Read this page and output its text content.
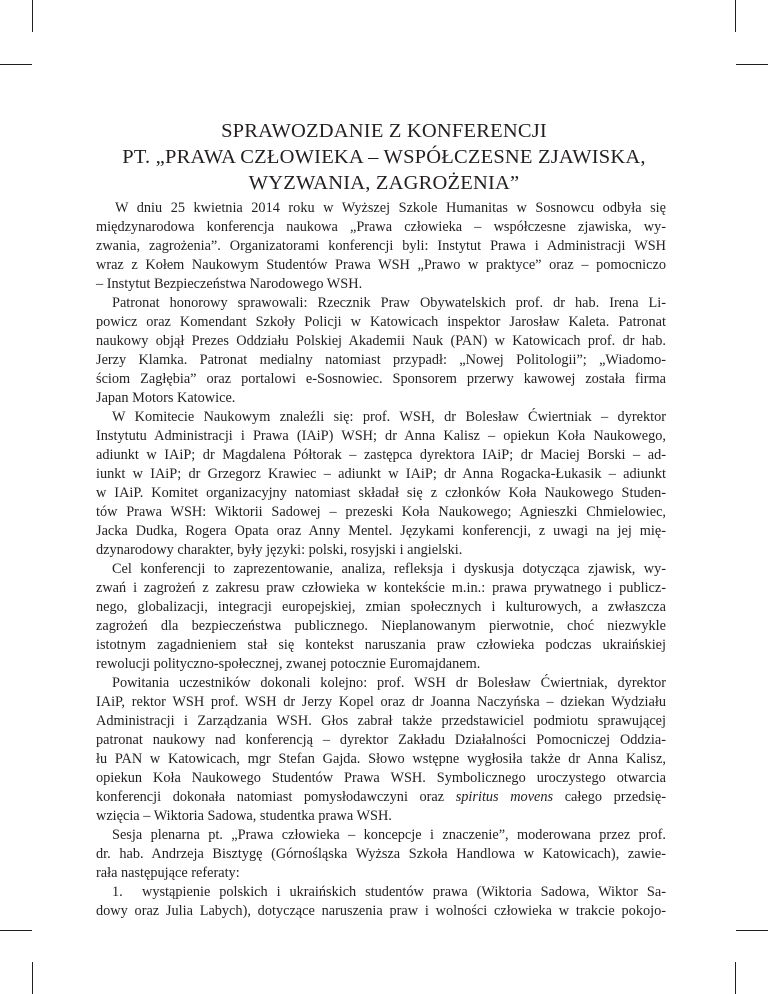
SPRAWOZDANIE Z KONFERENCJI
PT. „PRAWA CZŁOWIEKA – WSPÓŁCZESNE ZJAWISKA,
WYZWANIA, ZAGROŻENIA”
W dniu 25 kwietnia 2014 roku w Wyższej Szkole Humanitas w Sosnowcu odbyła się
międzynarodowa konferencja naukowa „Prawa człowieka – współczesne zjawiska, wy-
zwania, zagrożenia”. Organizatorami konferencji byli: Instytut Prawa i Administracji WSH
wraz z Kołem Naukowym Studentów Prawa WSH „Prawo w praktyce” oraz – pomocniczo
– Instytut Bezpieczeństwa Narodowego WSH.
Patronat honorowy sprawowali: Rzecznik Praw Obywatelskich prof. dr hab. Irena Li-
powicz oraz Komendant Szkoły Policji w Katowicach inspektor Jarosław Kaleta. Patronat
naukowy objął Prezes Oddziału Polskiej Akademii Nauk (PAN) w Katowicach prof. dr hab.
Jerzy Klamka. Patronat medialny natomiast przypadł: „Nowej Politologii”; „Wiadomo-
ściom Zagłębia” oraz portalowi e-Sosnowiec. Sponsorem przerwy kawowej została firma
Japan Motors Katowice.
W Komitecie Naukowym znaleźli się: prof. WSH, dr Bolesław Ćwiertniak – dyrektor
Instytutu Administracji i Prawa (IAiP) WSH; dr Anna Kalisz – opiekun Koła Naukowego,
adiunkt w IAiP; dr Magdalena Półtorak – zastępca dyrektora IAiP; dr Maciej Borski – ad-
iunkt w IAiP; dr Grzegorz Krawiec – adiunkt w IAiP; dr Anna Rogacka-Łukasik – adiunkt
w IAiP. Komitet organizacyjny natomiast składał się z członków Koła Naukowego Studen-
tów Prawa WSH: Wiktorii Sadowej – prezeski Koła Naukowego; Agnieszki Chmielowiec,
Jacka Dudka, Rogera Opata oraz Anny Mentel. Językami konferencji, z uwagi na jej mię-
dzynarodowy charakter, były języki: polski, rosyjski i angielski.
Cel konferencji to zaprezentowanie, analiza, refleksja i dyskusja dotycząca zjawisk, wy-
zwań i zagrożeń z zakresu praw człowieka w kontekście m.in.: prawa prywatnego i publicz-
nego, globalizacji, integracji europejskiej, zmian społecznych i kulturowych, a zwłaszcza
zagrożeń dla bezpieczeństwa publicznego. Nieplanowanym pierwotnie, choć niezwykle
istotnym zagadnieniem stał się kontekst naruszania praw człowieka podczas ukraińskiej
rewolucji polityczno-społecznej, zwanej potocznie Euromajdanem.
Powitania uczestników dokonali kolejno: prof. WSH dr Bolesław Ćwiertniak, dyrektor
IAiP, rektor WSH prof. WSH dr Jerzy Kopel oraz dr Joanna Naczyńska – dziekan Wydziału
Administracji i Zarządzania WSH. Głos zabrał także przedstawiciel podmiotu sprawującej
patronat naukowy nad konferencją – dyrektor Zakładu Działalności Pomocniczej Oddzia-
łu PAN w Katowicach, mgr Stefan Gajda. Słowo wstępne wygłosiła także dr Anna Kalisz,
opiekun Koła Naukowego Studentów Prawa WSH. Symbolicznego uroczystego otwarcia
konferencji dokonała natomiast pomysłodawczyni oraz spiritus movens całego przedsię-
wzięcia – Wiktoria Sadowa, studentka prawa WSH.
Sesja plenarna pt. „Prawa człowieka – koncepcje i znaczenie”, moderowana przez prof.
dr. hab. Andrzeja Bisztygę (Górnośląska Wyższa Szkoła Handlowa w Katowicach), zawie-
rała następujące referaty:
1. wystąpienie polskich i ukraińskich studentów prawa (Wiktoria Sadowa, Wiktor Sa-
dowy oraz Julia Labych), dotyczące naruszenia praw i wolności człowieka w trakcie pokojo-
